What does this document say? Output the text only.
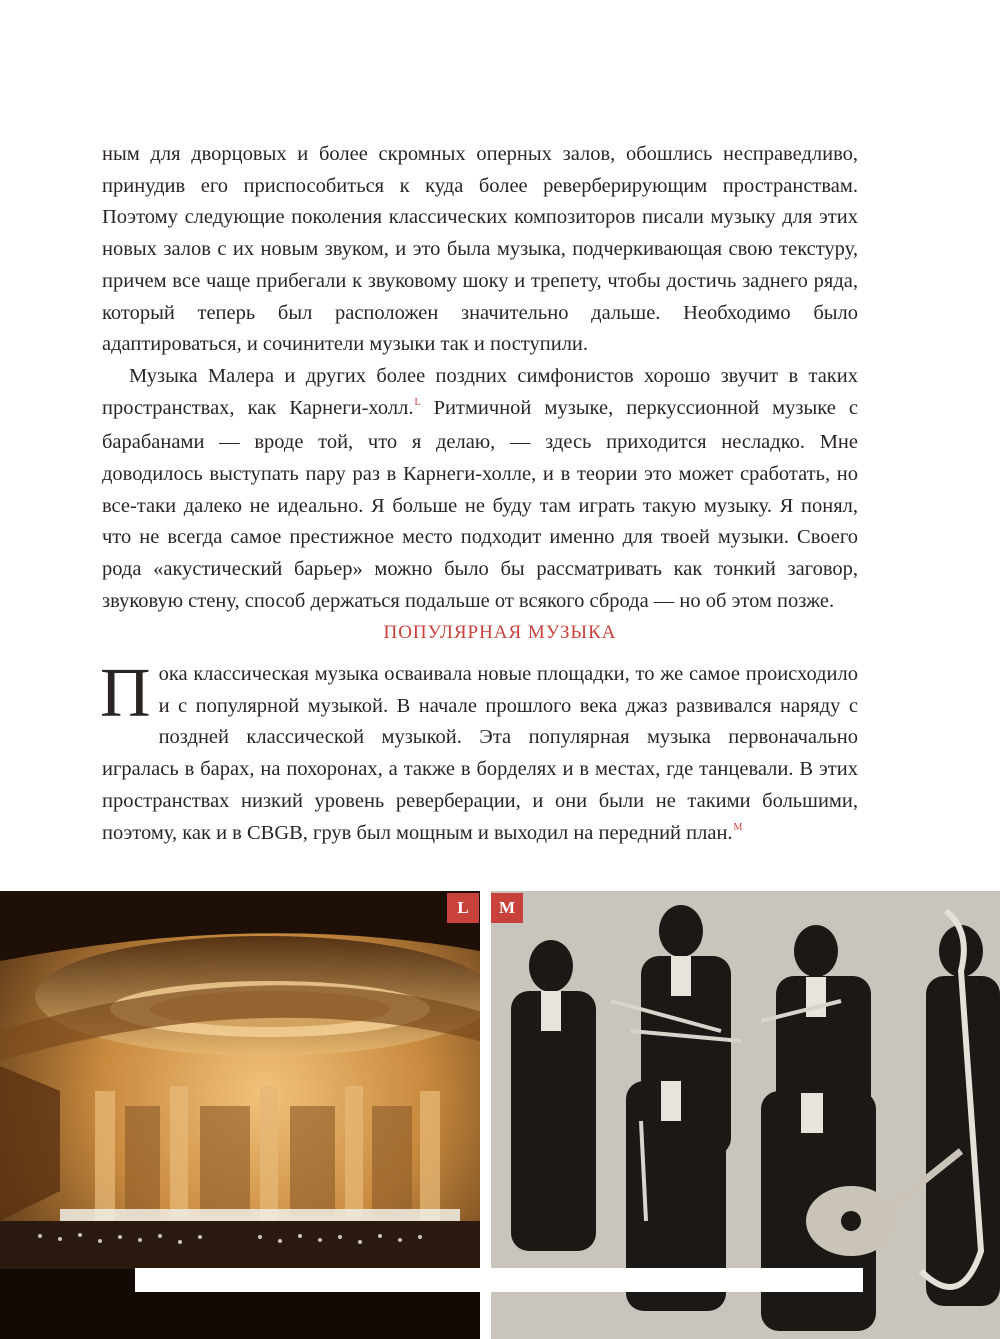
ным для дворцовых и более скромных оперных залов, обошлись несправедливо, принудив его приспособиться к куда более реверберирующим пространствам. Поэтому следующие поколения классических композиторов писали музыку для этих новых залов с их новым звуком, и это была музыка, подчеркивающая свою текстуру, причем все чаще прибегали к звуковому шоку и трепету, чтобы достичь заднего ряда, который теперь был расположен значительно дальше. Необходимо было адаптироваться, и сочинители музыки так и поступили.

Музыка Малера и других более поздних симфонистов хорошо звучит в таких пространствах, как Карнеги-холл.$^L$ Ритмичной музыке, перкуссионной музыке с барабанами — вроде той, что я делаю, — здесь приходится несладко. Мне доводилось выступать пару раз в Карнеги-холле, и в теории это может сработать, но все-таки далеко не идеально. Я больше не буду там играть такую музыку. Я понял, что не всегда самое престижное место подходит именно для твоей музыки. Своего рода «акустический барьер» можно было бы рассматривать как тонкий заговор, звуковую стену, способ держаться подальше от всякого сброда — но об этом позже.

ПОПУЛЯРНАЯ МУЗЫКА

Пока классическая музыка осваивала новые площадки, то же самое происходило и с популярной музыкой. В начале прошлого века джаз развивался наряду с поздней классической музыкой. Эта популярная музыка первоначально игралась в барах, на похоронах, а также в борделях и в местах, где танцевали. В этих пространствах низкий уровень реверберации, и они были не такими большими, поэтому, как и в CBGB, грув был мощным и выходил на передний план.$^M$

L	M
